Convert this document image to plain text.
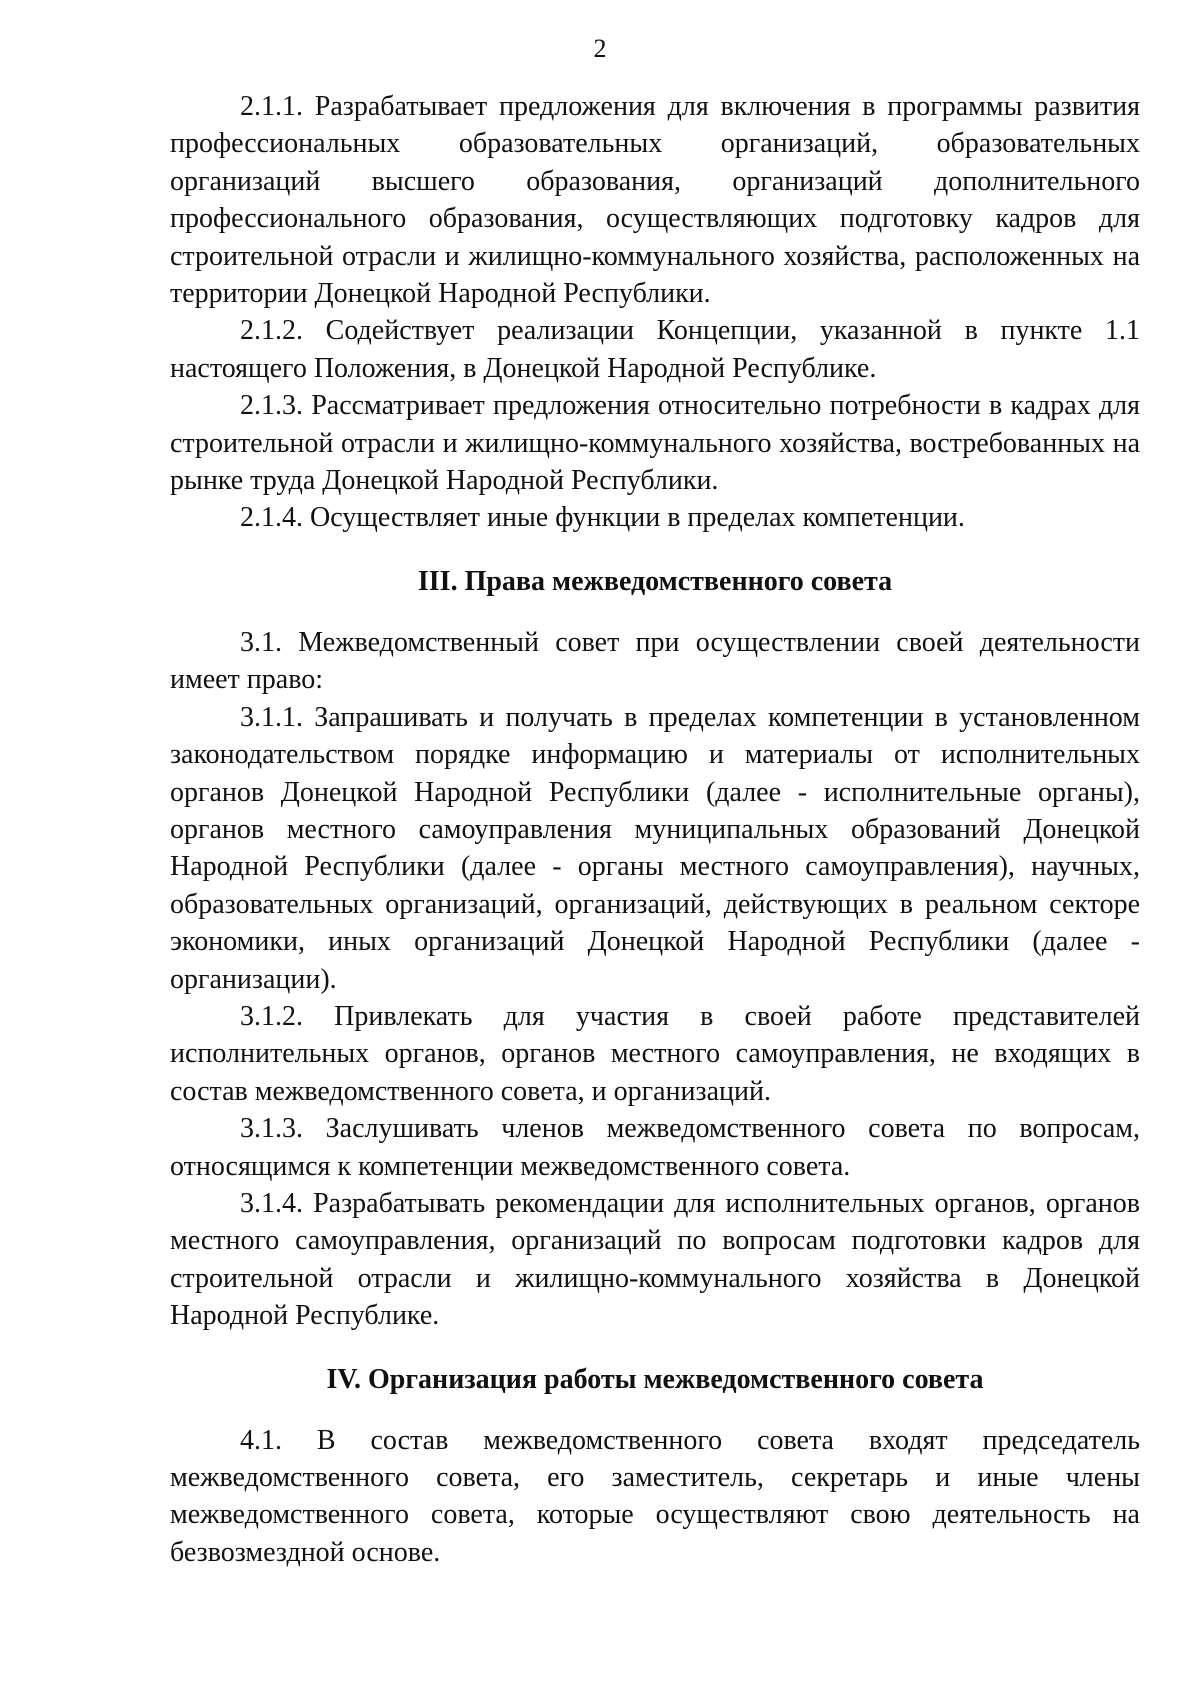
2

2.1.1. Разрабатывает предложения для включения в программы развития профессиональных образовательных организаций, образовательных организаций высшего образования, организаций дополнительного профессионального образования, осуществляющих подготовку кадров для строительной отрасли и жилищно-коммунального хозяйства, расположенных на территории Донецкой Народной Республики.

2.1.2. Содействует реализации Концепции, указанной в пункте 1.1 настоящего Положения, в Донецкой Народной Республике.

2.1.3. Рассматривает предложения относительно потребности в кадрах для строительной отрасли и жилищно-коммунального хозяйства, востребованных на рынке труда Донецкой Народной Республики.

2.1.4. Осуществляет иные функции в пределах компетенции.

III. Права межведомственного совета

3.1. Межведомственный совет при осуществлении своей деятельности имеет право:

3.1.1. Запрашивать и получать в пределах компетенции в установленном законодательством порядке информацию и материалы от исполнительных органов Донецкой Народной Республики (далее - исполнительные органы), органов местного самоуправления муниципальных образований Донецкой Народной Республики (далее - органы местного самоуправления), научных, образовательных организаций, организаций, действующих в реальном секторе экономики, иных организаций Донецкой Народной Республики (далее - организации).

3.1.2. Привлекать для участия в своей работе представителей исполнительных органов, органов местного самоуправления, не входящих в состав межведомственного совета, и организаций.

3.1.3. Заслушивать членов межведомственного совета по вопросам, относящимся к компетенции межведомственного совета.

3.1.4. Разрабатывать рекомендации для исполнительных органов, органов местного самоуправления, организаций по вопросам подготовки кадров для строительной отрасли и жилищно-коммунального хозяйства в Донецкой Народной Республике.

IV. Организация работы межведомственного совета

4.1. В состав межведомственного совета входят председатель межведомственного совета, его заместитель, секретарь и иные члены межведомственного совета, которые осуществляют свою деятельность на безвозмездной основе.
